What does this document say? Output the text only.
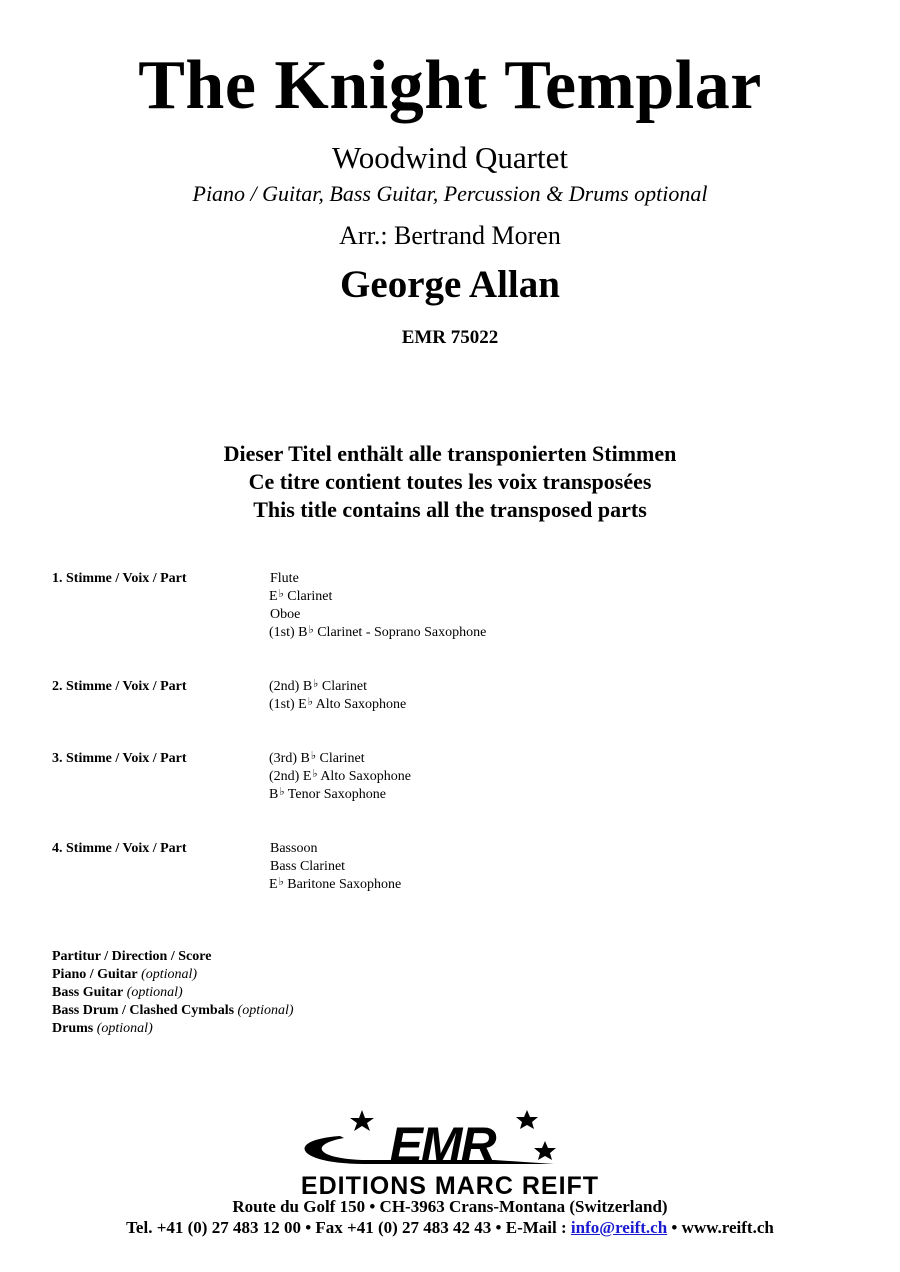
The Knight Templar
Woodwind Quartet
Piano / Guitar, Bass Guitar, Percussion & Drums optional
Arr.: Bertrand Moren
George Allan
EMR 75022
Dieser Titel enthält alle transponierten Stimmen
Ce titre contient toutes les voix transposées
This title contains all the transposed parts
1. Stimme / Voix / Part	Flute
E♭ Clarinet
Oboe
(1st) B♭ Clarinet - Soprano Saxophone
2. Stimme / Voix / Part	(2nd) B♭ Clarinet
(1st) E♭ Alto Saxophone
3. Stimme / Voix / Part	(3rd) B♭ Clarinet
(2nd) E♭ Alto Saxophone
B♭ Tenor Saxophone
4. Stimme / Voix / Part	Bassoon
Bass Clarinet
E♭ Baritone Saxophone
Partitur / Direction / Score
Piano / Guitar (optional)
Bass Guitar (optional)
Bass Drum / Clashed Cymbals (optional)
Drums (optional)
EMR
EDITIONS MARC REIFT
Route du Golf 150 • CH-3963 Crans-Montana (Switzerland)
Tel. +41 (0) 27 483 12 00 • Fax +41 (0) 27 483 42 43 • E-Mail : info@reift.ch • www.reift.ch
